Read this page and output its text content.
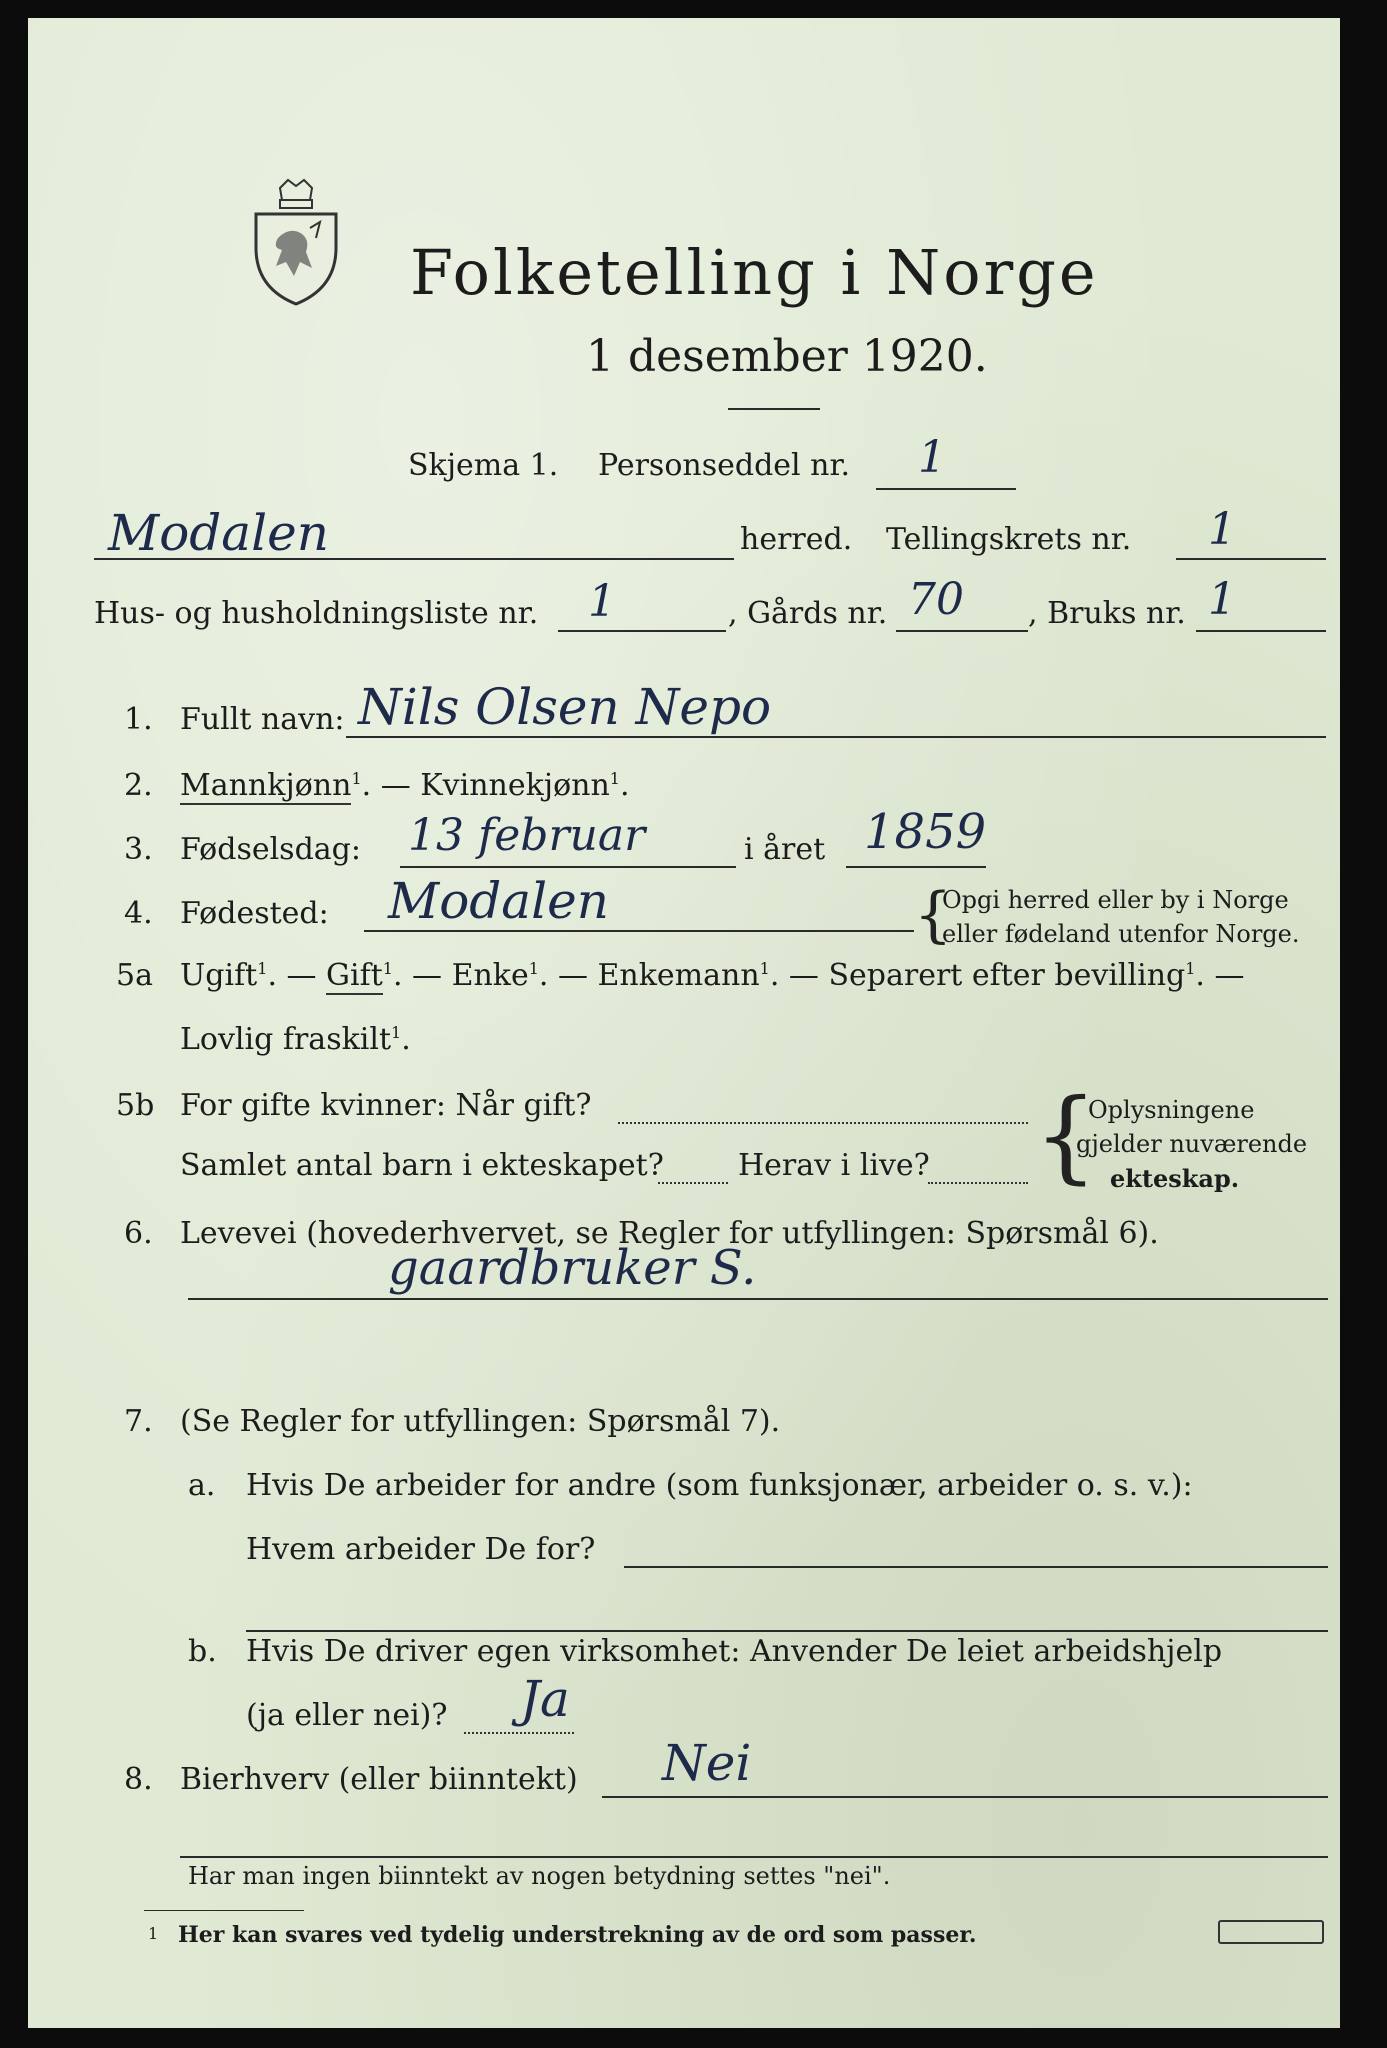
Folketelling i Norge
1 desember 1920.
Skjema 1. Personseddel nr. 1
Modalen	herred. Tellingskrets nr. 1
Hus- og husholdningsliste nr. 1	, Gårds nr. 70 , Bruks nr. 1
1. Fullt navn: Nils Olsen Nepo
2. Mannkjønn$^1$. — Kvinnekjønn$^1$.
3. Fødselsdag: 13 februar	i året 1859
4. Fødested: Modalen	{
Opgi herred eller by i Norge
eller fødeland utenfor Norge.
5a Ugift$^1$. — Gift$^1$. — Enke$^1$. — Enkemann$^1$. — Separert efter bevilling$^1$. —
Lovlig fraskilt$^1$.
5b For gifte kvinner: Når gift?
Samlet antal barn i ekteskapet? Herav i live? {
Oplysningene
gjelder nuværende
ekteskap.
6. Levevei (hovederhvervet, se Regler for utfyllingen: Spørsmål 6).
gaardbruker S.
7. (Se Regler for utfyllingen: Spørsmål 7).
a. Hvis De arbeider for andre (som funksjonær, arbeider o. s. v.):
Hvem arbeider De for?
b. Hvis De driver egen virksomhet: Anvender De leiet arbeidshjelp
(ja eller nei)? Ja
8. Bierhverv (eller biinntekt) Nei
Har man ingen biinntekt av nogen betydning settes "nei".
1 Her kan svares ved tydelig understrekning av de ord som passer.
